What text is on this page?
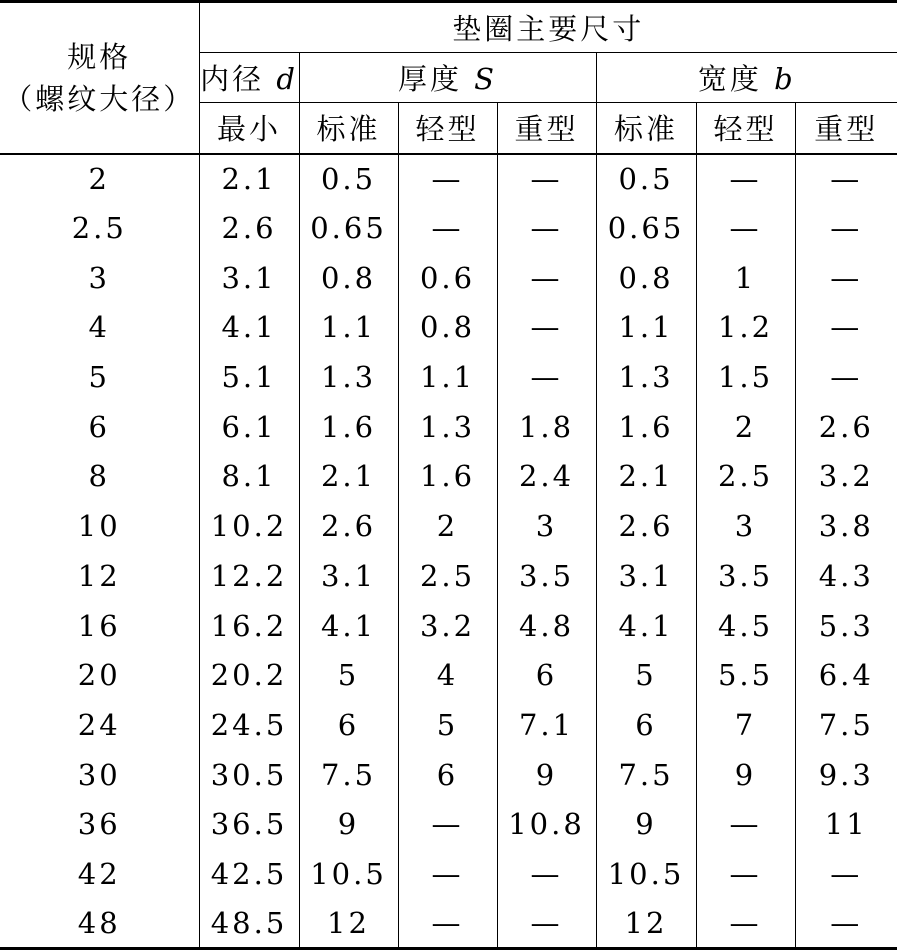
规格
（螺纹大径）	垫圈主要尺寸						
	内径 d	厚度 S			宽度 b		
	最小	标准	轻型	重型	标准	轻型	重型
2	2.1	0.5	—	—	0.5	—	—
2.5	2.6	0.65	—	—	0.65	—	—
3	3.1	0.8	0.6	—	0.8	1	—
4	4.1	1.1	0.8	—	1.1	1.2	—
5	5.1	1.3	1.1	—	1.3	1.5	—
6	6.1	1.6	1.3	1.8	1.6	2	2.6
8	8.1	2.1	1.6	2.4	2.1	2.5	3.2
10	10.2	2.6	2	3	2.6	3	3.8
12	12.2	3.1	2.5	3.5	3.1	3.5	4.3
16	16.2	4.1	3.2	4.8	4.1	4.5	5.3
20	20.2	5	4	6	5	5.5	6.4
24	24.5	6	5	7.1	6	7	7.5
30	30.5	7.5	6	9	7.5	9	9.3
36	36.5	9	—	10.8	9	—	11
42	42.5	10.5	—	—	10.5	—	—
48	48.5	12	—	—	12	—	—
